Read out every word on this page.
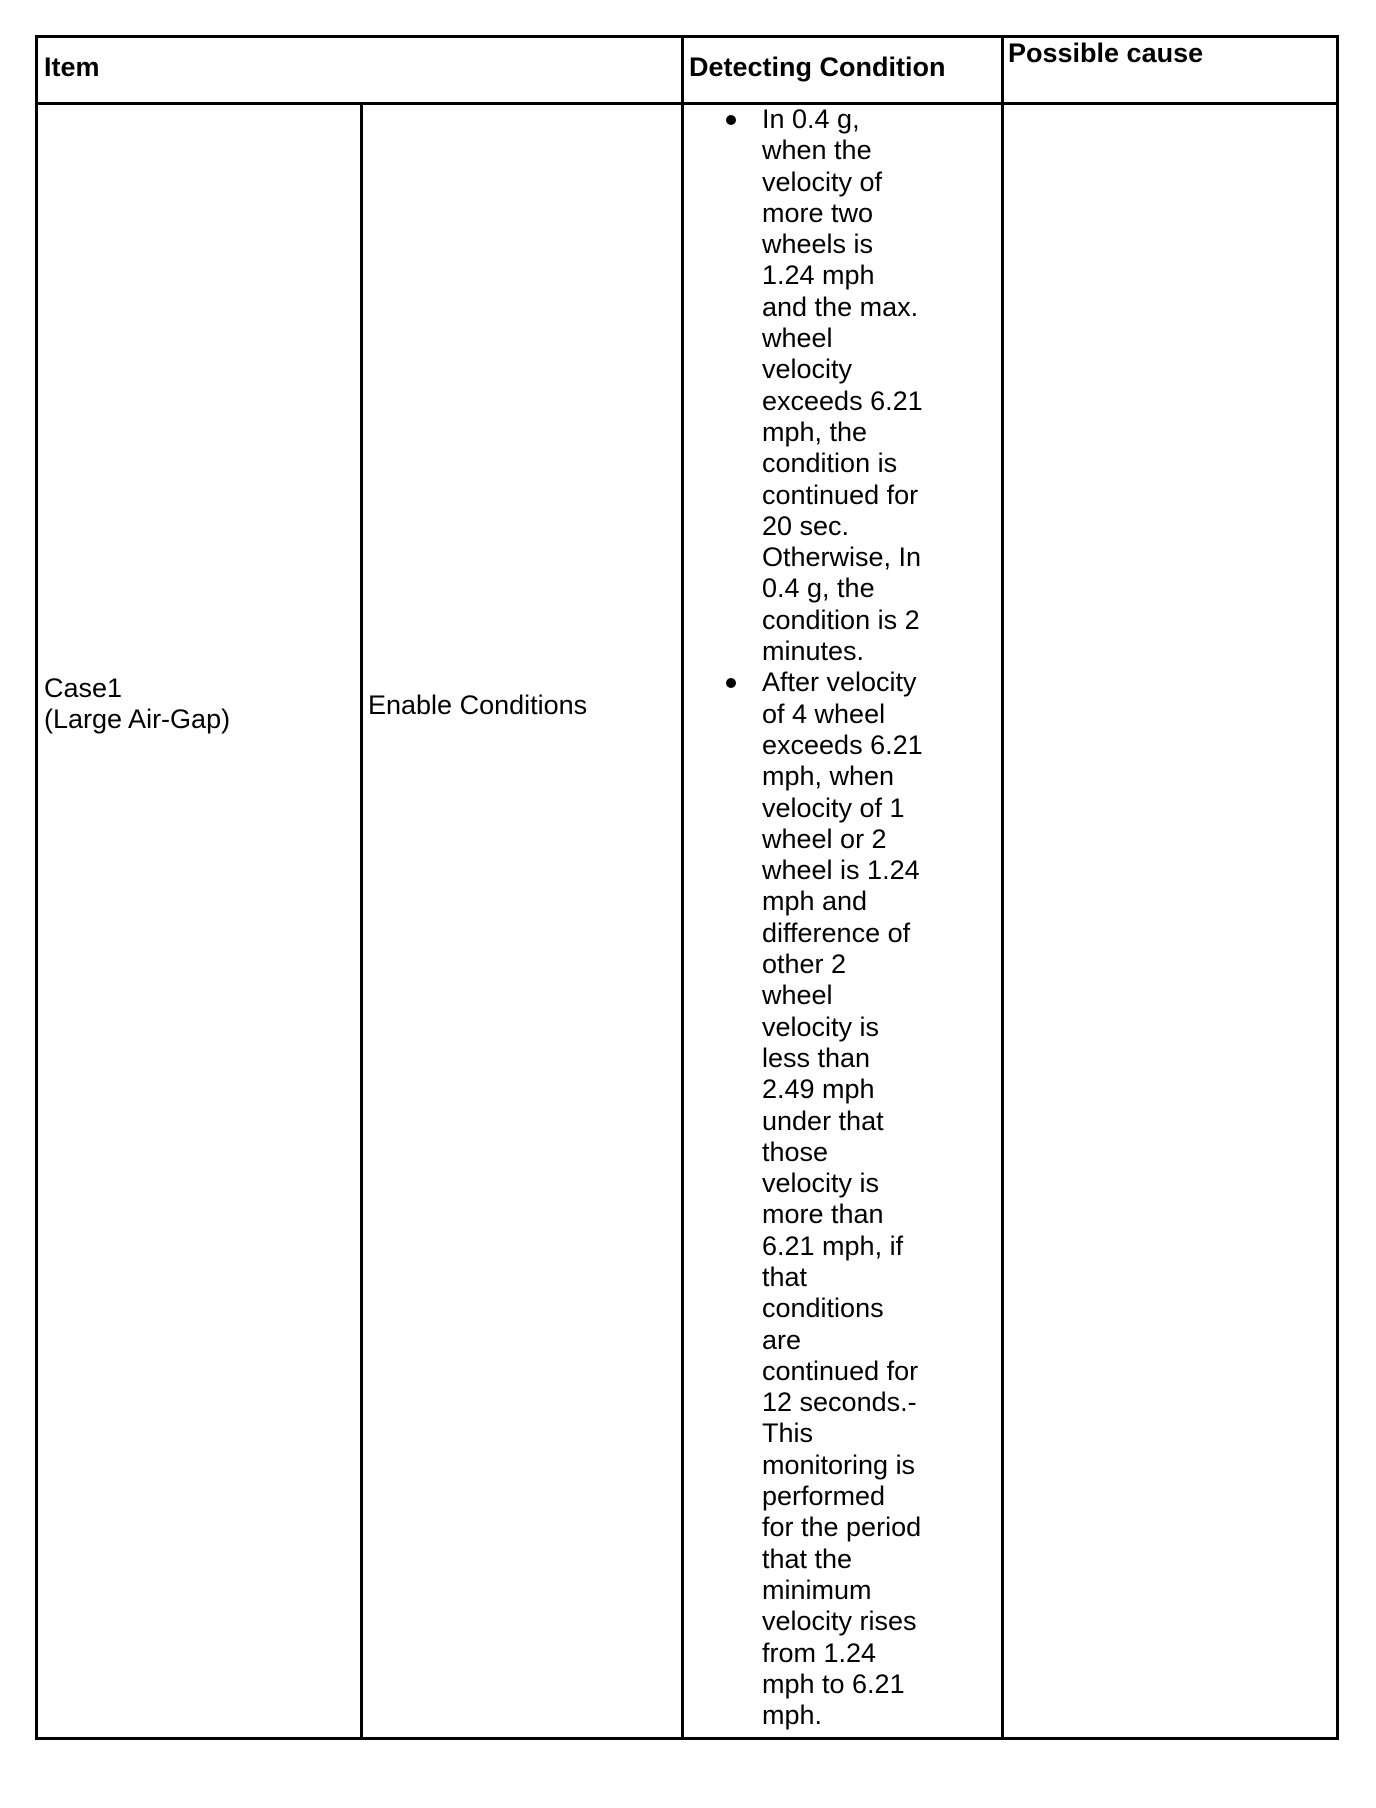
Item	Detecting Condition Possible cause
Case1
(Large Air-Gap)	Enable Conditions
In 0.4 g,
when the
velocity of
more two
wheels is
1.24 mph
and the max.
wheel
velocity
exceeds 6.21
mph, the
condition is
continued for
20 sec.
Otherwise, In
0.4 g, the
condition is 2
minutes.
After velocity
of 4 wheel
exceeds 6.21
mph, when
velocity of 1
wheel or 2
wheel is 1.24
mph and
difference of
other 2
wheel
velocity is
less than
2.49 mph
under that
those
velocity is
more than
6.21 mph, if
that
conditions
are
continued for
12 seconds.-
This
monitoring is
performed
for the period
that the
minimum
velocity rises
from 1.24
mph to 6.21
mph.
